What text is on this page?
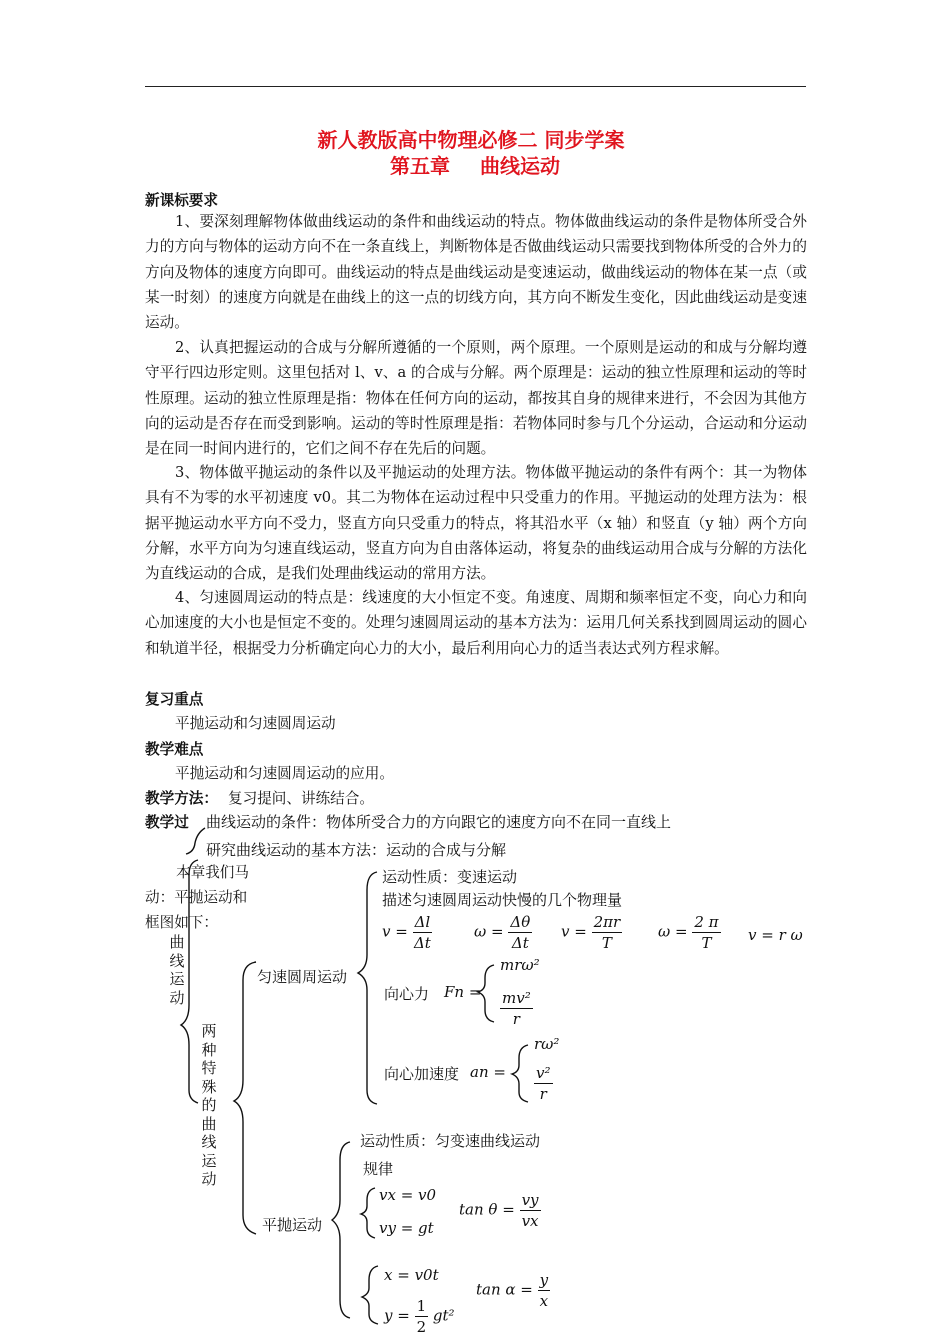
新人教版高中物理必修二 同步学案
第五章 曲线运动
新课标要求

1、要深刻理解物体做曲线运动的条件和曲线运动的特点。物体做曲线运动的条件是物体所受合外力的方向与物体的运动方向不在一条直线上，判断物体是否做曲线运动只需要找到物体所受的合外力的方向及物体的速度方向即可。曲线运动的特点是曲线运动是变速运动，做曲线运动的物体在某一点（或某一时刻）的速度方向就是在曲线上的这一点的切线方向，其方向不断发生变化，因此曲线运动是变速运动。

2、认真把握运动的合成与分解所遵循的一个原则，两个原理。一个原则是运动的和成与分解均遵守平行四边形定则。这里包括对 l、v、a 的合成与分解。两个原理是：运动的独立性原理和运动的等时性原理。运动的独立性原理是指：物体在任何方向的运动，都按其自身的规律来进行，不会因为其他方向的运动是否存在而受到影响。运动的等时性原理是指：若物体同时参与几个分运动，合运动和分运动是在同一时间内进行的，它们之间不存在先后的问题。

3、物体做平抛运动的条件以及平抛运动的处理方法。物体做平抛运动的条件有两个：其一为物体具有不为零的水平初速度 v0。其二为物体在运动过程中只受重力的作用。平抛运动的处理方法为：根据平抛运动水平方向不受力，竖直方向只受重力的特点，将其沿水平（x 轴）和竖直（y 轴）两个方向分解，水平方向为匀速直线运动，竖直方向为自由落体运动，将复杂的曲线运动用合成与分解的方法化为直线运动的合成，是我们处理曲线运动的常用方法。

4、匀速圆周运动的特点是：线速度的大小恒定不变。角速度、周期和频率恒定不变，向心力和向心加速度的大小也是恒定不变的。处理匀速圆周运动的基本方法为：运用几何关系找到圆周运动的圆心和轨道半径，根据受力分析确定向心力的大小，最后利用向心力的适当表达式列方程求解。

复习重点
平抛运动和匀速圆周运动
教学难点
平抛运动和匀速圆周运动的应用。
教学方法： 复习提问、讲练结合。
教学过
本章我们马
动：平抛运动和
框图如下：
曲线运动
曲线运动的条件：物体所受合力的方向跟它的速度方向不在同一直线上
研究曲线运动的基本方法：运动的合成与分解
两种特殊的曲线运动
匀速圆周运动
运动性质：变速运动
描述匀速圆周运动快慢的几个物理量
$v = \frac{\Delta l}{\Delta t}$	$\omega = \frac{\Delta\theta}{\Delta t}$ $v = \frac{2\pi r}{T}$ $\omega = \frac{2 \pi}{T}$ v = r ω
向心力 Fn =
mrω²
$\frac{\text{mv²}}{r}$
向心加速度 an =
rω²
$\frac{\text{v²}}{r}$
平抛运动
运动性质：匀变速曲线运动
规律
vx = v0
vy = gt
$\tan \theta = \frac{vy}{vx}$
x = v0t
$y = \frac{1}{2} gt^2$
$\tan \alpha = \frac{y}{x}$
